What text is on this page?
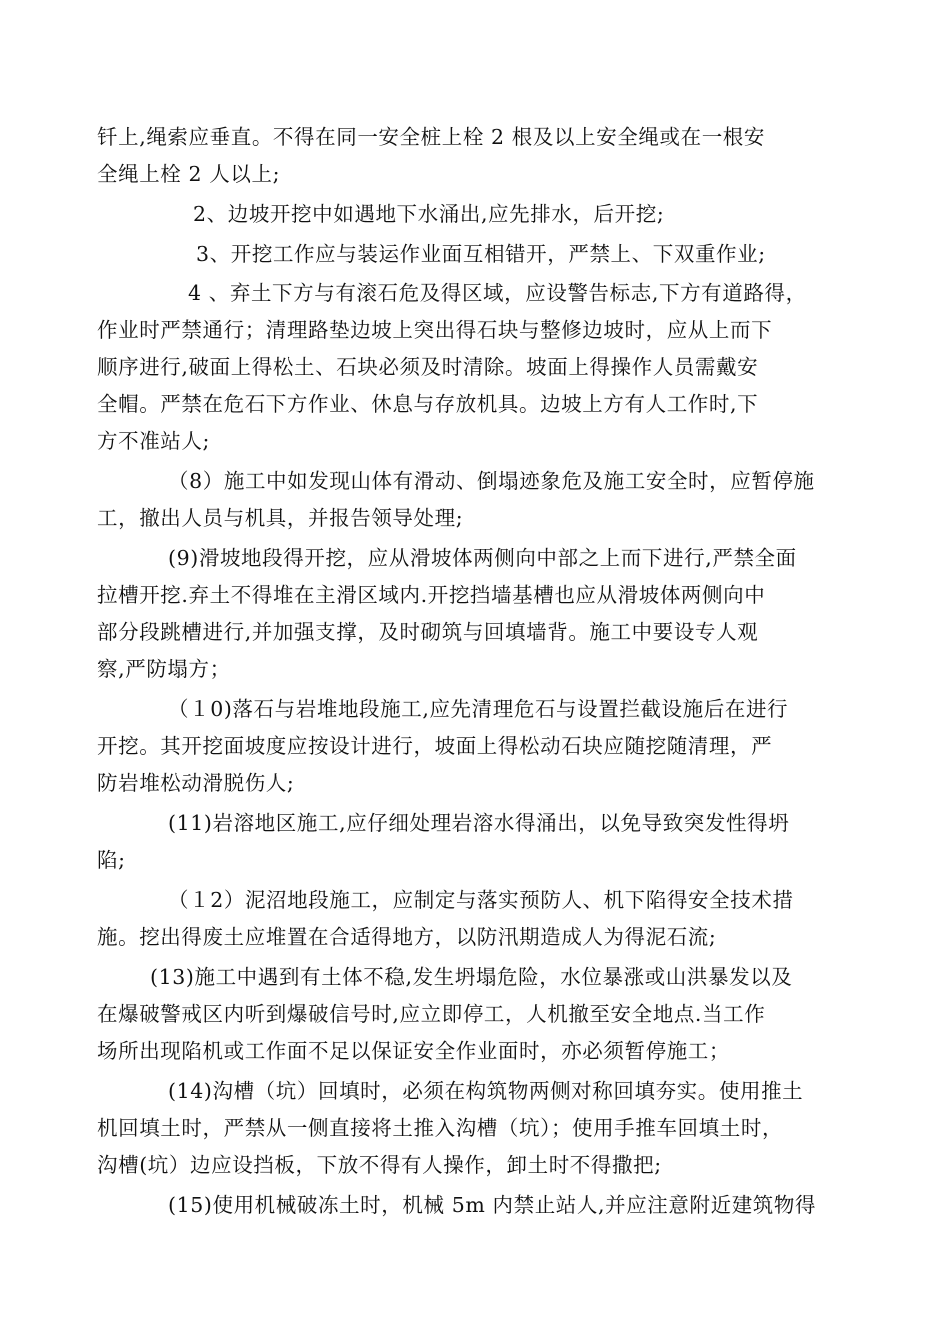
钎上,绳索应垂直。不得在同一安全桩上栓 2 根及以上安全绳或在一根安
全绳上栓 2 人以上;
2、边坡开挖中如遇地下水涌出,应先排水，后开挖;
3、开挖工作应与装运作业面互相错开，严禁上、下双重作业;
4 、弃土下方与有滚石危及得区域，应设警告标志,下方有道路得，
作业时严禁通行；清理路垫边坡上突出得石块与整修边坡时，应从上而下
顺序进行,破面上得松土、石块必须及时清除。坡面上得操作人员需戴安
全帽。严禁在危石下方作业、休息与存放机具。边坡上方有人工作时,下
方不准站人;
（8）施工中如发现山体有滑动、倒塌迹象危及施工安全时，应暂停施
工，撤出人员与机具，并报告领导处理;
(9)滑坡地段得开挖，应从滑坡体两侧向中部之上而下进行,严禁全面
拉槽开挖.弃土不得堆在主滑区域内.开挖挡墙基槽也应从滑坡体两侧向中
部分段跳槽进行,并加强支撑，及时砌筑与回填墙背。施工中要设专人观
察,严防塌方；
（１0)落石与岩堆地段施工,应先清理危石与设置拦截设施后在进行
开挖。其开挖面坡度应按设计进行，坡面上得松动石块应随挖随清理，严
防岩堆松动滑脱伤人;
(11)岩溶地区施工,应仔细处理岩溶水得涌出，以免导致突发性得坍
陷;
（１2）泥沼地段施工，应制定与落实预防人、机下陷得安全技术措
施。挖出得废土应堆置在合适得地方，以防汛期造成人为得泥石流;
(13)施工中遇到有土体不稳,发生坍塌危险，水位暴涨或山洪暴发以及
在爆破警戒区内听到爆破信号时,应立即停工，人机撤至安全地点.当工作
场所出现陷机或工作面不足以保证安全作业面时，亦必须暂停施工；
(14)沟槽（坑）回填时，必须在构筑物两侧对称回填夯实。使用推土
机回填土时，严禁从一侧直接将土推入沟槽（坑）；使用手推车回填土时，
沟槽(坑）边应设挡板，下放不得有人操作，卸土时不得撒把;
(15)使用机械破冻土时，机械 5m 内禁止站人,并应注意附近建筑物得
